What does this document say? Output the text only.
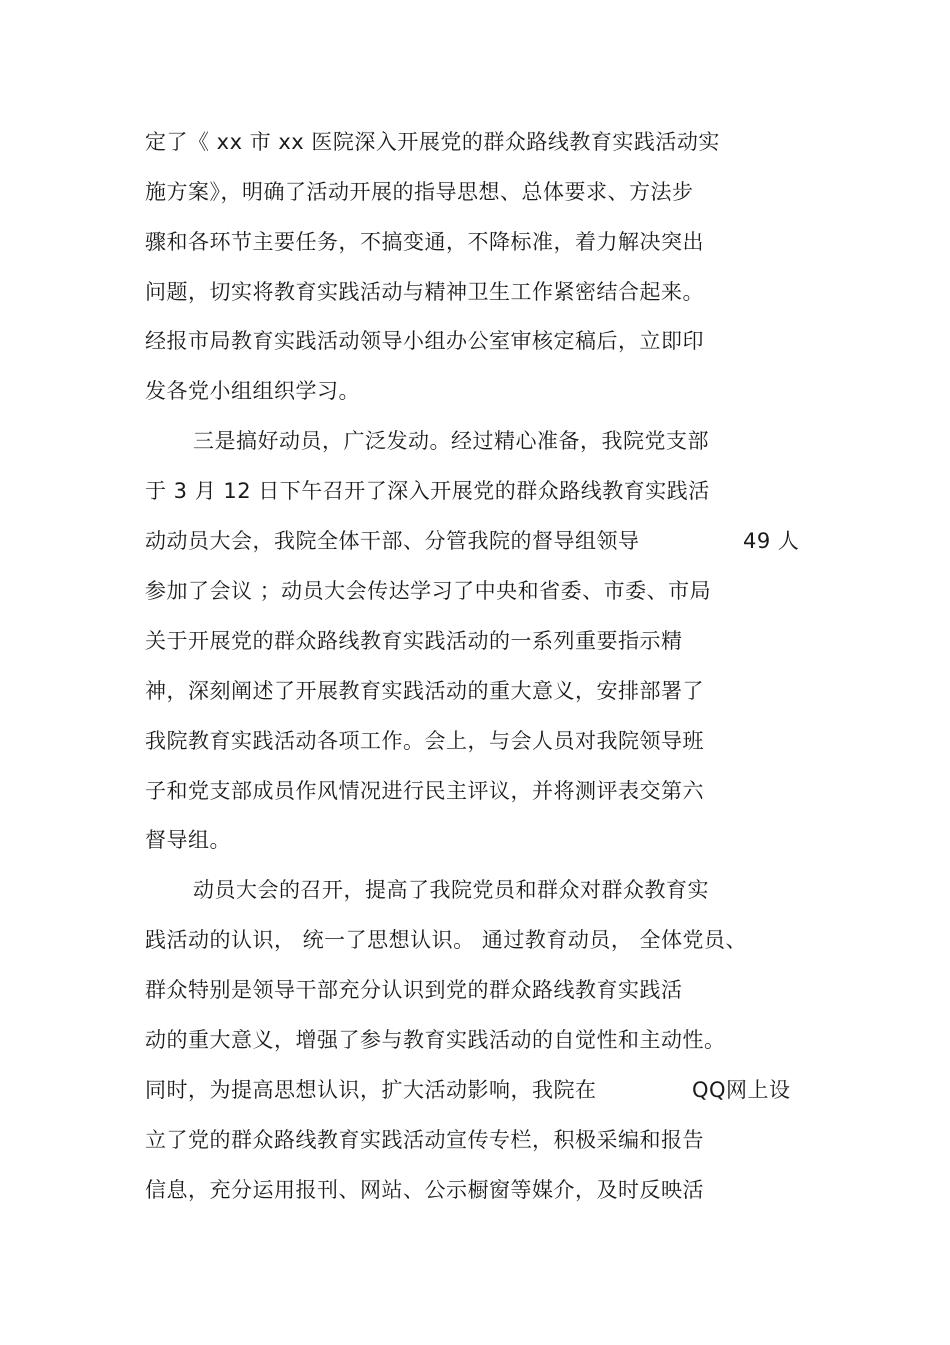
定了《 xx 市 xx 医院深入开展党的群众路线教育实践活动实
施方案》，明确了活动开展的指导思想、总体要求、方法步
骤和各环节主要任务，不搞变通，不降标准，着力解决突出
问题，切实将教育实践活动与精神卫生工作紧密结合起来。
经报市局教育实践活动领导小组办公室审核定稿后，立即印
发各党小组组织学习。
三是搞好动员，广泛发动。经过精心准备，我院党支部
于 3 月 12 日下午召开了深入开展党的群众路线教育实践活
动动员大会，我院全体干部、分管我院的督导组领导	49 人
参加了会议 ；动员大会传达学习了中央和省委、市委、市局
关于开展党的群众路线教育实践活动的一系列重要指示精
神，深刻阐述了开展教育实践活动的重大意义，安排部署了
我院教育实践活动各项工作。会上，与会人员对我院领导班
子和党支部成员作风情况进行民主评议，并将测评表交第六
督导组。
动员大会的召开，提高了我院党员和群众对群众教育实
践活动的认识， 统一了思想认识。 通过教育动员， 全体党员、
群众特别是领导干部充分认识到党的群众路线教育实践活
动的重大意义，增强了参与教育实践活动的自觉性和主动性。
同时，为提高思想认识，扩大活动影响，我院在	QQ网上设
立了党的群众路线教育实践活动宣传专栏，积极采编和报告
信息，充分运用报刊、网站、公示橱窗等媒介，及时反映活
